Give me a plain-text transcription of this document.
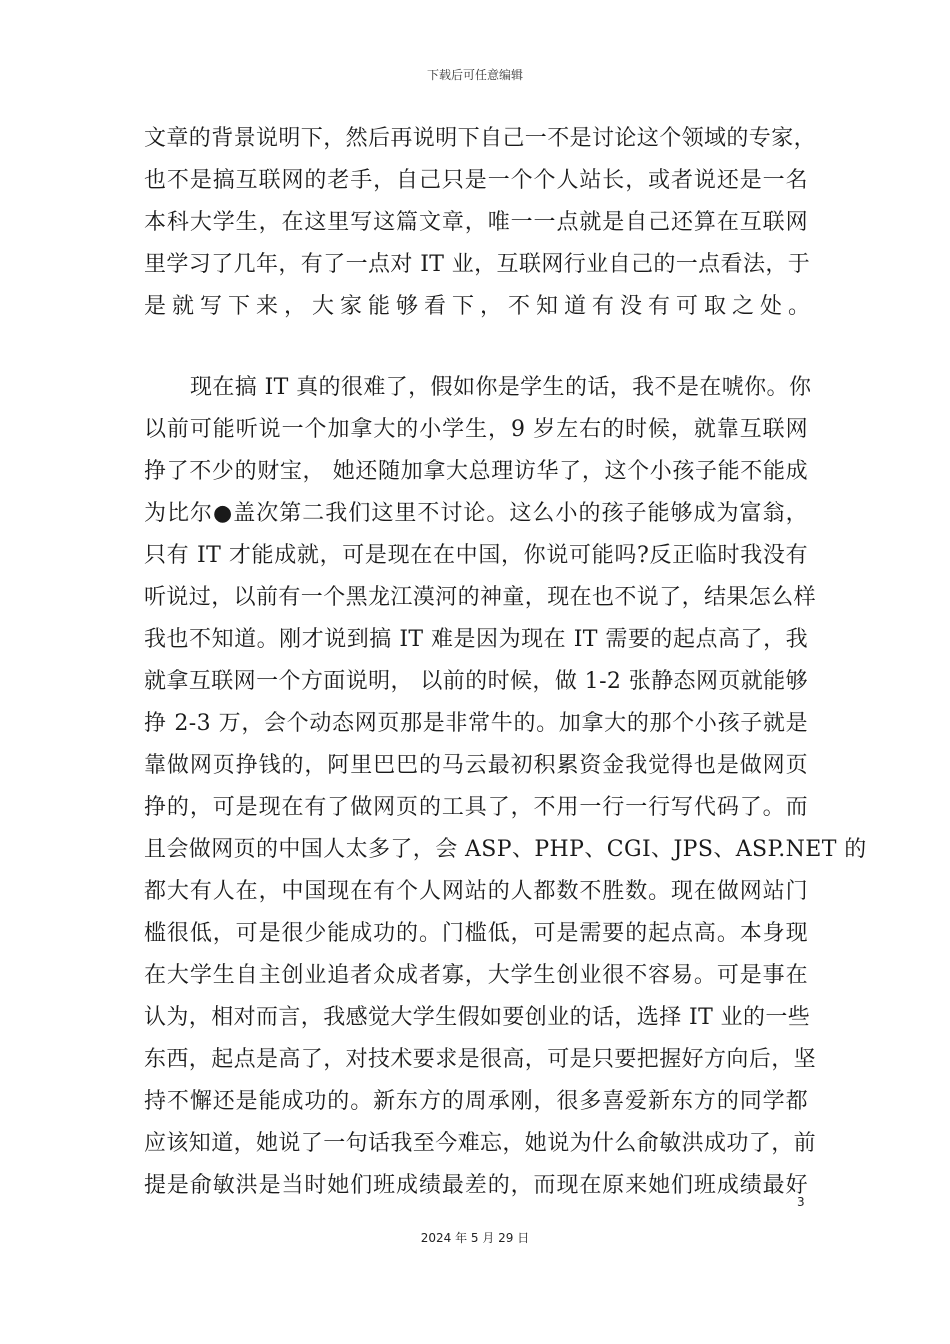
下载后可任意编辑
文章的背景说明下，然后再说明下自己一不是讨论这个领域的专家，
也不是搞互联网的老手，自己只是一个个人站长，或者说还是一名
本科大学生，在这里写这篇文章，唯一一点就是自己还算在互联网
里学习了几年，有了一点对 IT 业，互联网行业自己的一点看法，于
是就写下来，大家能够看下，不知道有没有可取之处。
现在搞 IT 真的很难了，假如你是学生的话，我不是在唬你。你
以前可能听说一个加拿大的小学生，9 岁左右的时候，就靠互联网
挣了不少的财宝， 她还随加拿大总理访华了，这个小孩子能不能成
为比尔●盖次第二我们这里不讨论。这么小的孩子能够成为富翁，
只有 IT 才能成就，可是现在在中国，你说可能吗?反正临时我没有
听说过，以前有一个黑龙江漠河的神童，现在也不说了，结果怎么样
我也不知道。刚才说到搞 IT 难是因为现在 IT 需要的起点高了，我
就拿互联网一个方面说明， 以前的时候，做 1-2 张静态网页就能够
挣 2-3 万，会个动态网页那是非常牛的。加拿大的那个小孩子就是
靠做网页挣钱的，阿里巴巴的马云最初积累资金我觉得也是做网页
挣的，可是现在有了做网页的工具了，不用一行一行写代码了。而
且会做网页的中国人太多了，会 ASP、PHP、CGI、JPS、ASP.NET 的
都大有人在，中国现在有个人网站的人都数不胜数。现在做网站门
槛很低，可是很少能成功的。门槛低，可是需要的起点高。本身现
在大学生自主创业追者众成者寡，大学生创业很不容易。可是事在
认为，相对而言，我感觉大学生假如要创业的话，选择 IT 业的一些
东西，起点是高了，对技术要求是很高，可是只要把握好方向后，坚
持不懈还是能成功的。新东方的周承刚，很多喜爱新东方的同学都
应该知道，她说了一句话我至今难忘，她说为什么俞敏洪成功了，前
提是俞敏洪是当时她们班成绩最差的，而现在原来她们班成绩最好
3
2024 年 5 月 29 日
